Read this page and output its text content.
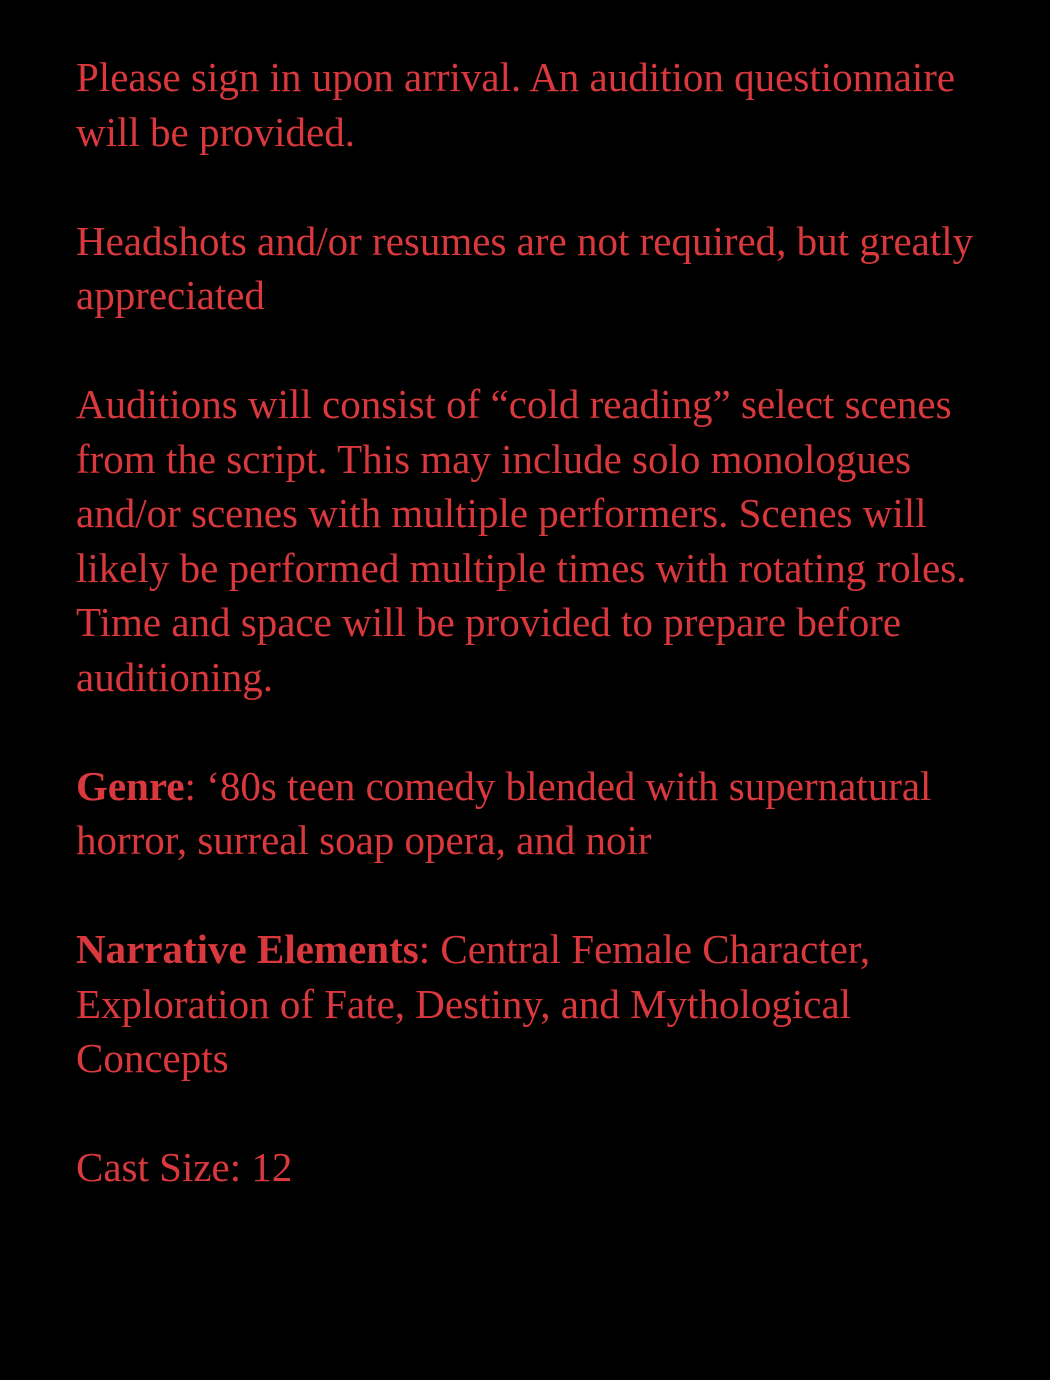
Please sign in upon arrival. An audition questionnaire will be provided.

Headshots and/or resumes are not required, but greatly appreciated

Auditions will consist of “cold reading” select scenes from the script. This may include solo monologues and/or scenes with multiple performers. Scenes will likely be performed multiple times with rotating roles. Time and space will be provided to prepare before auditioning.

Genre: ‘80s teen comedy blended with supernatural horror, surreal soap opera, and noir

Narrative Elements: Central Female Character, Exploration of Fate, Destiny, and Mythological Concepts

Cast Size: 12
